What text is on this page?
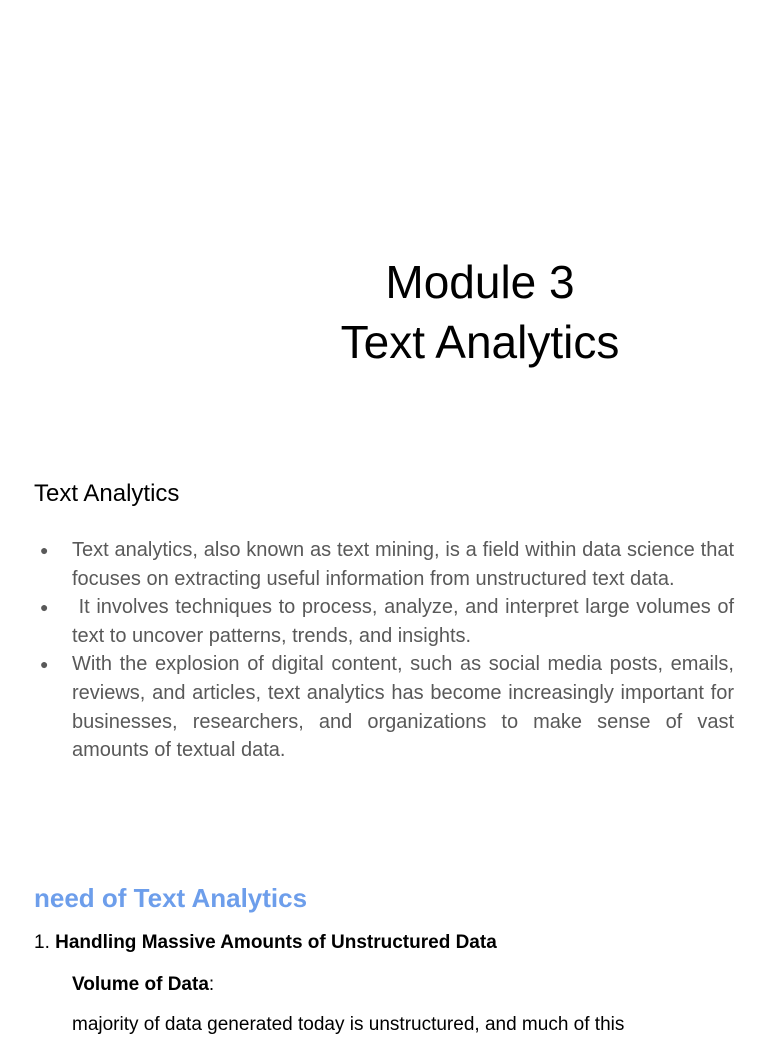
Module 3
Text Analytics
Text Analytics
● Text analytics, also known as text mining, is a field within data science that focuses on extracting useful information from unstructured text data.
● It involves techniques to process, analyze, and interpret large volumes of text to uncover patterns, trends, and insights.
● With the explosion of digital content, such as social media posts, emails, reviews, and articles, text analytics has become increasingly important for businesses, researchers, and organizations to make sense of vast amounts of textual data.
need of Text Analytics
1. Handling Massive Amounts of Unstructured Data
Volume of Data:
majority of data generated today is unstructured, and much of this
